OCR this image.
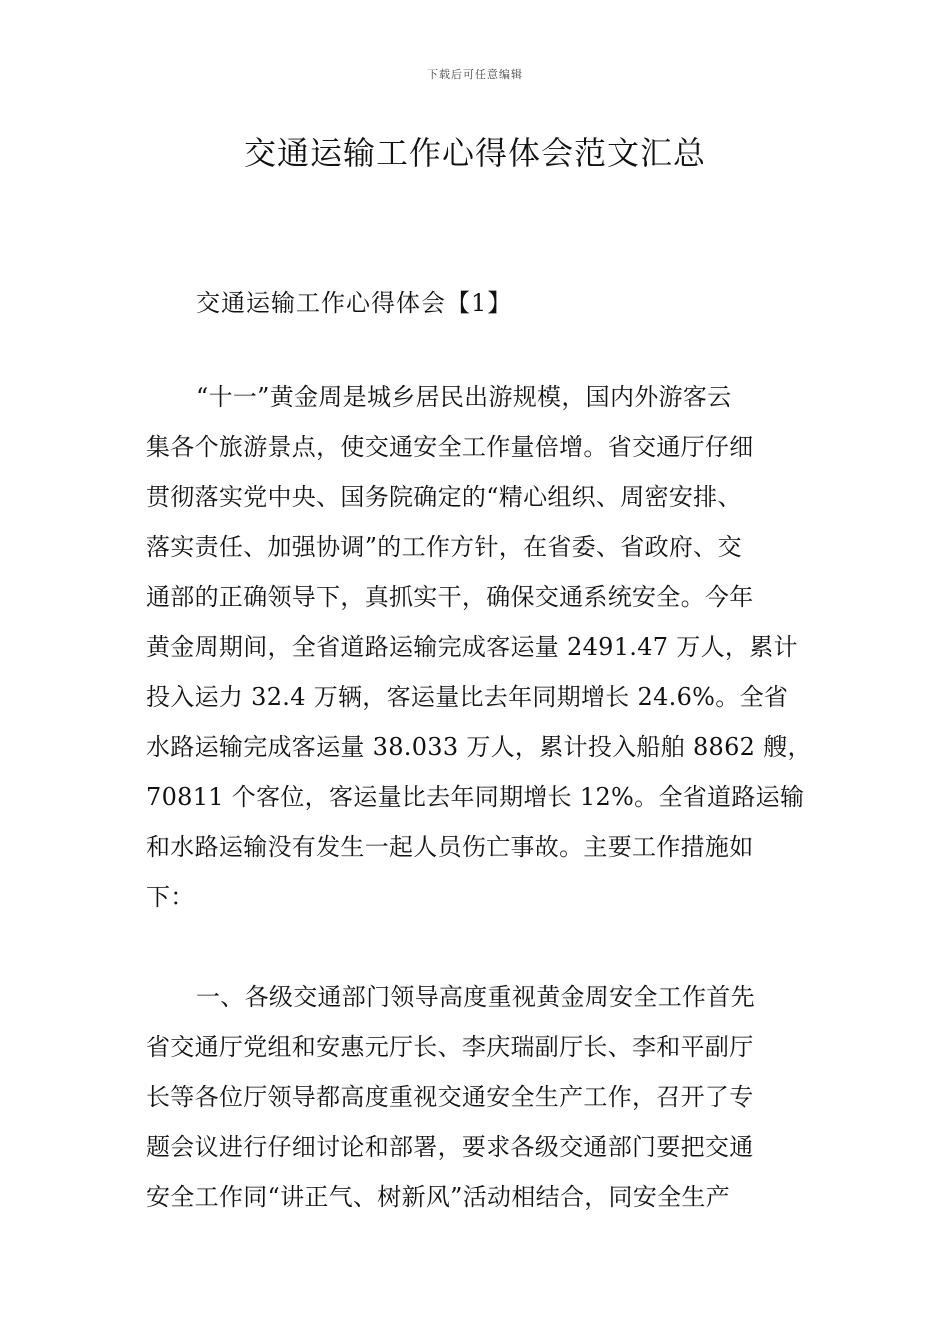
下载后可任意编辑
交通运输工作心得体会范文汇总
交通运输工作心得体会【1】
“十一”黄金周是城乡居民出游规模，国内外游客云
集各个旅游景点，使交通安全工作量倍增。省交通厅仔细
贯彻落实党中央、国务院确定的“精心组织、周密安排、
落实责任、加强协调”的工作方针，在省委、省政府、交
通部的正确领导下，真抓实干，确保交通系统安全。今年
黄金周期间，全省道路运输完成客运量 2491.47 万人，累计
投入运力 32.4 万辆，客运量比去年同期增长 24.6%。全省
水路运输完成客运量 38.033 万人，累计投入船舶 8862 艘，
70811 个客位，客运量比去年同期增长 12%。全省道路运输
和水路运输没有发生一起人员伤亡事故。主要工作措施如
下：
一、各级交通部门领导高度重视黄金周安全工作首先
省交通厅党组和安惠元厅长、李庆瑞副厅长、李和平副厅
长等各位厅领导都高度重视交通安全生产工作，召开了专
题会议进行仔细讨论和部署，要求各级交通部门要把交通
安全工作同“讲正气、树新风”活动相结合，同安全生产
